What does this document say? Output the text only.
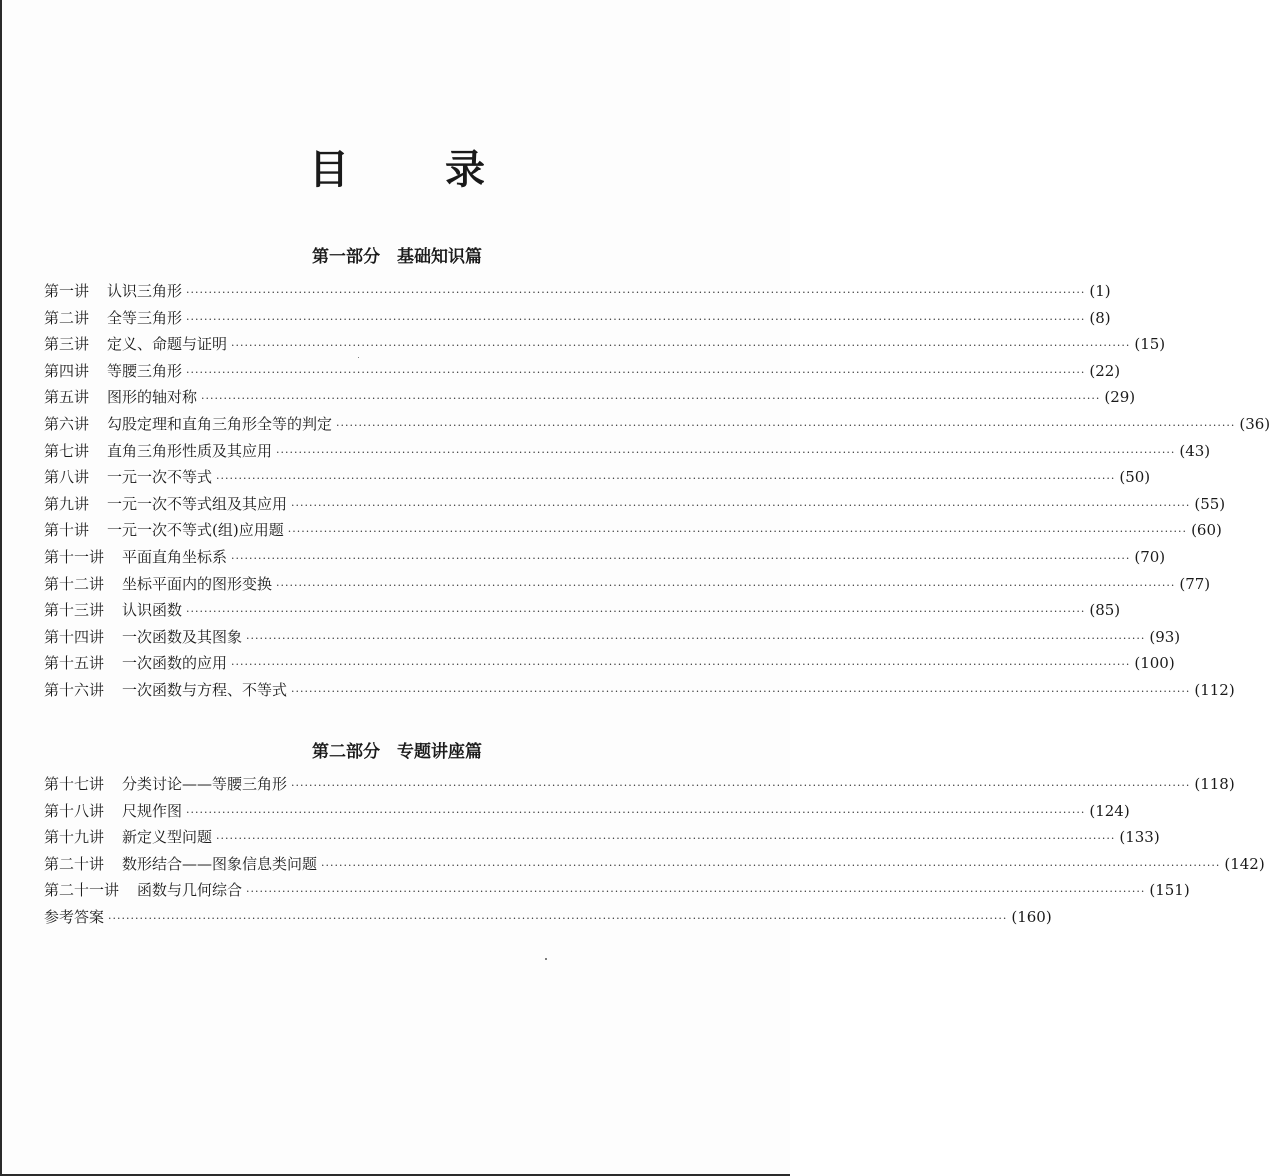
目　录
第一部分　基础知识篇
第一讲 认识三角形 ········································································································································································································ (1)
第二讲 全等三角形 ········································································································································································································ (8)
第三讲 定义、命题与证明 ········································································································································································································ (15)
第四讲 等腰三角形 ········································································································································································································ (22)
第五讲 图形的轴对称 ········································································································································································································ (29)
第六讲 勾股定理和直角三角形全等的判定 ········································································································································································································ (36)
第七讲 直角三角形性质及其应用 ········································································································································································································ (43)
第八讲 一元一次不等式 ········································································································································································································ (50)
第九讲 一元一次不等式组及其应用 ········································································································································································································ (55)
第十讲 一元一次不等式(组)应用题 ········································································································································································································ (60)
第十一讲 平面直角坐标系 ········································································································································································································ (70)
第十二讲 坐标平面内的图形变换 ········································································································································································································ (77)
第十三讲 认识函数 ········································································································································································································ (85)
第十四讲 一次函数及其图象 ········································································································································································································ (93)
第十五讲 一次函数的应用 ········································································································································································································ (100)
第十六讲 一次函数与方程、不等式 ········································································································································································································ (112)
第二部分　专题讲座篇
第十七讲 分类讨论——等腰三角形 ········································································································································································································ (118)
第十八讲 尺规作图 ········································································································································································································ (124)
第十九讲 新定义型问题 ········································································································································································································ (133)
第二十讲 数形结合——图象信息类问题 ········································································································································································································ (142)
第二十一讲 函数与几何综合 ········································································································································································································ (151)
参考答案 ········································································································································································································ (160)
